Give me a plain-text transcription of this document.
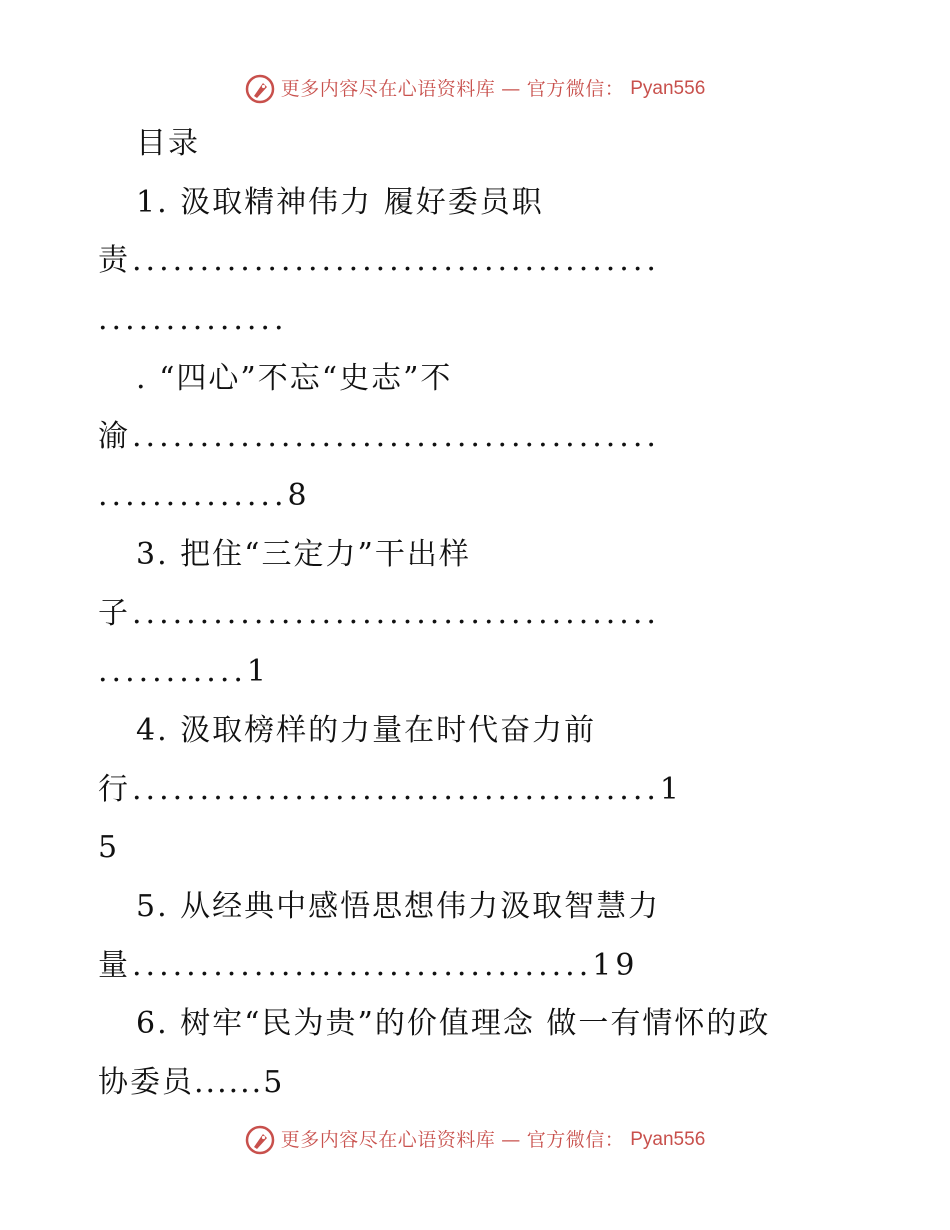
更多内容尽在心语资料库 — 官方微信： Pyan556
目录
1. 汲取精神伟力 履好委员职
责.......................................
..............
. “四心”不忘“史志”不
渝.......................................
..............8
3. 把住“三定力”干出样
子.......................................
...........1
4. 汲取榜样的力量在时代奋力前
行.......................................1
5
5. 从经典中感悟思想伟力汲取智慧力
量..................................19
6. 树牢“民为贵”的价值理念 做一有情怀的政
协委员......5
更多内容尽在心语资料库 — 官方微信： Pyan556
